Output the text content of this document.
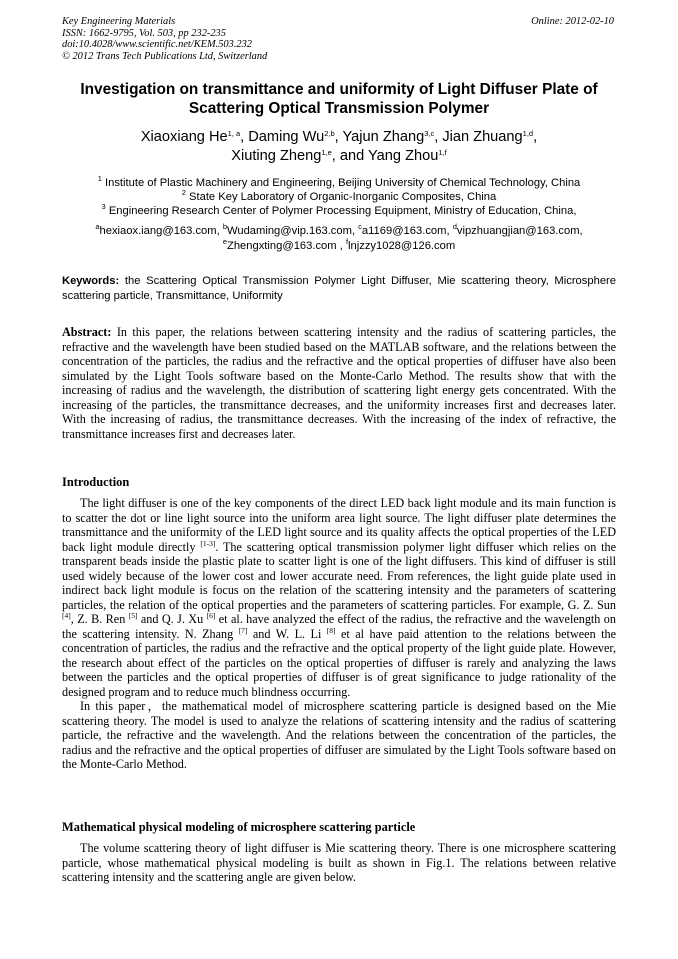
Key Engineering Materials
ISSN: 1662-9795, Vol. 503, pp 232-235
doi:10.4028/www.scientific.net/KEM.503.232
© 2012 Trans Tech Publications Ltd, Switzerland
Online: 2012-02-10
Investigation on transmittance and uniformity of Light Diffuser Plate of
Scattering Optical Transmission Polymer
Xiaoxiang He$^{1, a}$, Daming Wu$^{2,b}$, Yajun Zhang$^{3,c}$, Jian Zhuang$^{1,d}$,
Xiuting Zheng$^{1,e}$, and Yang Zhou$^{1,f}$
$^1$ Institute of Plastic Machinery and Engineering, Beijing University of Chemical Technology, China
$^2$ State Key Laboratory of Organic-Inorganic Composites, China
$^3$ Engineering Research Center of Polymer Processing Equipment, Ministry of Education, China,
$^a$hexiaox.iang@163.com, $^b$Wudaming@vip.163.com, $^c$a1169@163.com, $^d$vipzhuangjian@163.com,
$^e$Zhengxting@163.com , $^f$lnjzzy1028@126.com
Keywords: the Scattering Optical Transmission Polymer Light Diffuser, Mie scattering theory, Microsphere scattering particle, Transmittance, Uniformity

Abstract: In this paper, the relations between scattering intensity and the radius of scattering particles, the refractive and the wavelength have been studied based on the MATLAB software, and the relations between the concentration of the particles, the radius and the refractive and the optical properties of diffuser have also been simulated by the Light Tools software based on the Monte-Carlo Method. The results show that with the increasing of radius and the wavelength, the distribution of scattering light energy gets concentrated. With the increasing of the particles, the transmittance decreases, and the uniformity increases first and decreases later. With the increasing of radius, the transmittance decreases. With the increasing of the index of refractive, the transmittance increases first and decreases later.

Introduction

The light diffuser is one of the key components of the direct LED back light module and its main function is to scatter the dot or line light source into the uniform area light source. The light diffuser plate determines the transmittance and the uniformity of the LED light source and its quality affects the optical properties of the LED back light module directly [1-3]. The scattering optical transmission polymer light diffuser which relies on the transparent beads inside the plastic plate to scatter light is one of the light diffusers. This kind of diffuser is still used widely because of the lower cost and lower accurate need. From references, the light guide plate used in indirect back light module is focus on the relation of the scattering intensity and the parameters of scattering particles, the relation of the optical properties and the parameters of scattering particles. For example, G. Z. Sun [4], Z. B. Ren [5] and Q. J. Xu [6] et al. have analyzed the effect of the radius, the refractive and the wavelength on the scattering intensity. N. Zhang [7] and W. L. Li [8] et al have paid attention to the relations between the concentration of particles, the radius and the refractive and the optical property of the light guide plate. However, the research about effect of the particles on the optical properties of diffuser is rarely and analyzing the laws between the particles and the optical properties of diffuser is of great significance to judge rationality of the designed program and to reduce much blindness occurring.

In this paper，the mathematical model of microsphere scattering particle is designed based on the Mie scattering theory. The model is used to analyze the relations of scattering intensity and the radius of scattering particle, the refractive and the wavelength. And the relations between the concentration of the particles, the radius and the refractive and the optical properties of diffuser are simulated by the Light Tools software based on the Monte-Carlo Method.

Mathematical physical modeling of microsphere scattering particle

The volume scattering theory of light diffuser is Mie scattering theory. There is one microsphere scattering particle, whose mathematical physical modeling is built as shown in Fig.1. The relations between relative scattering intensity and the scattering angle are given below.
